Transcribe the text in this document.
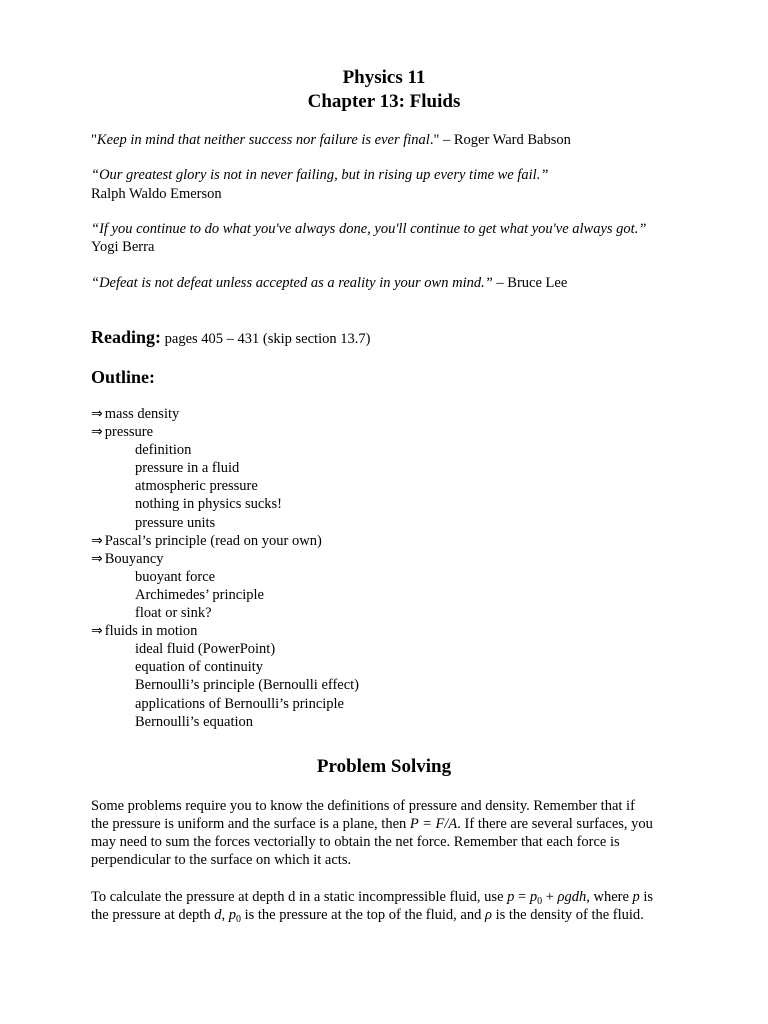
Physics 11
Chapter 13: Fluids
"Keep in mind that neither success nor failure is ever final." – Roger Ward Babson
“Our greatest glory is not in never failing, but in rising up every time we fail.”
Ralph Waldo Emerson
“If you continue to do what you've always done, you'll continue to get what you've always got.”
Yogi Berra
“Defeat is not defeat unless accepted as a reality in your own mind.” – Bruce Lee
Reading: pages 405 – 431 (skip section 13.7)
Outline:
⇒ mass density
⇒ pressure
definition
pressure in a fluid
atmospheric pressure
nothing in physics sucks!
pressure units
⇒ Pascal’s principle (read on your own)
⇒ Bouyancy
buoyant force
Archimedes’ principle
float or sink?
⇒ fluids in motion
ideal fluid (PowerPoint)
equation of continuity
Bernoulli’s principle (Bernoulli effect)
applications of Bernoulli’s principle
Bernoulli’s equation
Problem Solving
Some problems require you to know the definitions of pressure and density. Remember that if
the pressure is uniform and the surface is a plane, then P = F/A. If there are several surfaces, you
may need to sum the forces vectorially to obtain the net force. Remember that each force is
perpendicular to the surface on which it acts.
To calculate the pressure at depth d in a static incompressible fluid, use $p = p_0 + \rho gdh$, where p is
the pressure at depth d, $p_0$ is the pressure at the top of the fluid, and ρ is the density of the fluid.
